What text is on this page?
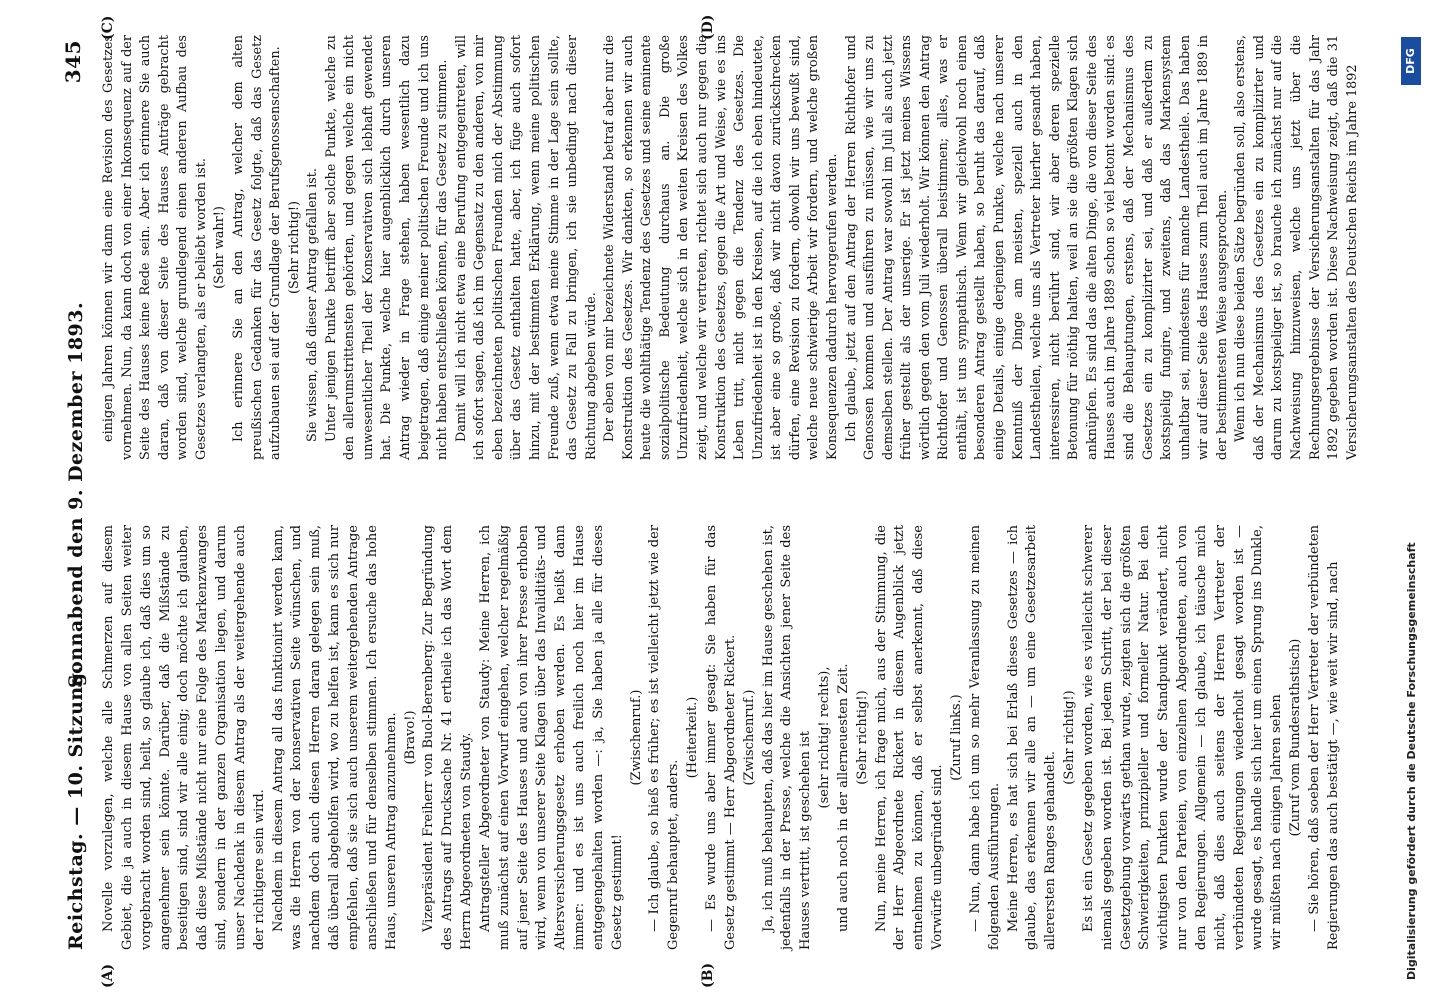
Reichstag. — 10. Sitzung.
Sonnabend den 9. Dezember 1893.
345
(A)	(B)
(C)	(D)

Novelle vorzulegen, welche alle Schmerzen auf diesem Gebiet, die ja auch in diesem Hause von allen Seiten weiter vorgebracht worden sind, heilt, so glaube ich, daß dies um so angenehmer sein könnte. Darüber, daß die Mißstände zu beseitigen sind, sind wir alle einig; doch möchte ich glauben, daß diese Mißstände nicht nur eine Folge des Markenzwanges sind, sondern in der ganzen Organisation liegen, und darum unser Nachdenk in diesem Antrag als der weitergehende auch der richtigere sein wird. Nachdem in diesem Antrag all das funktionirt werden kann, was die Herren von der konservativen Seite wünschen, und nachdem doch auch diesen Herren daran gelegen sein muß, daß überall abgeholfen wird, wo zu helfen ist, kann es sich nur empfehlen, daß sie sich auch unserem weitergehenden Antrage anschließen und für denselben stimmen. Ich ersuche das hohe Haus, unseren Antrag anzunehmen. (Bravo!) Vizepräsident Freiherr von Buol-Berenberg: Zur Begründung des Antrags auf Drucksache Nr. 41 ertheile ich das Wort dem Herrn Abgeordneten von Staudy. Antragsteller Abgeordneter von Staudy: Meine Herren, ich muß zunächst auf einen Vorwurf eingehen, welcher regelmäßig auf jener Seite des Hauses und auch von ihrer Presse erhoben wird, wenn von unserer Seite Klagen über das Invaliditäts- und Altersversicherungsgesetz erhoben werden. Es heißt dann immer: und es ist uns auch freilich noch hier im Hause entgegengehalten worden —: ja, Sie haben ja alle für dieses Gesetz gestimmt!

(Zwischenruf.) — Ich glaube, so hieß es früher; es ist vielleicht jetzt wie der Gegenruf behauptet, anders.

(Heiterkeit.) — Es wurde uns aber immer gesagt: Sie haben für das Gesetz gestimmt — Herr Abgeordneter Rickert. (Zwischenruf.) Ja, ich muß behaupten, daß das hier im Hause geschehen ist, jedenfalls in der Presse, welche die Ansichten jener Seite des Hauses vertritt, ist geschehen ist (sehr richtig! rechts), und auch noch in der allerneuesten Zeit. (Sehr richtig!) Nun, meine Herren, ich frage mich, aus der Stimmung, die der Herr Abgeordnete Rickert in diesem Augenblick jetzt entnehmen zu können, daß er selbst anerkennt, daß diese Vorwürfe unbegründet sind.

(Zuruf links.) — Nun, dann habe ich um so mehr Veranlassung zu meinen folgenden Ausführungen. Meine Herren, es hat sich bei Erlaß dieses Gesetzes — ich glaube, das erkennen wir alle an — um eine Gesetzesarbeit allerersten Ranges gehandelt.

(Sehr richtig!) Es ist ein Gesetz gegeben worden, wie es vielleicht schwerer niemals gegeben worden ist. Bei jedem Schritt, der bei dieser Gesetzgebung vorwärts gethan wurde, zeigten sich die größten Schwierigkeiten, prinzipieller und formeller Natur. Bei den wichtigsten Punkten wurde der Standpunkt verändert, nicht nur von den Parteien, von einzelnen Abgeordneten, auch von den Regierungen. Allgemein — ich glaube, ich täusche mich nicht, daß dies auch seitens der Herren Vertreter der verbündeten Regierungen wiederholt gesagt worden ist — wurde gesagt, es handle sich hier um einen Sprung ins Dunkle, wir müßten nach einigen Jahren sehen (Zuruf vom Bundesrathstisch) — Sie hören, daß soeben der Herr Vertreter der verbündeten Regierungen das auch bestätigt —, wie weit wir sind, nach

einigen Jahren können wir dann eine Revision des Gesetzes vornehmen. Nun, da kann doch von einer Inkonsequenz auf der Seite des Hauses keine Rede sein. Aber ich erinnere Sie auch daran, daß von dieser Seite des Hauses Anträge gebracht worden sind, welche grundlegend einen anderen Aufbau des Gesetzes verlangten, als er beliebt worden ist. (Sehr wahr!) Ich erinnere Sie an den Antrag, welcher dem alten preußischen Gedanken für das Gesetz folgte, daß das Gesetz aufzubauen sei auf der Grundlage der Berufsgenossenschaften. (Sehr richtig!) Sie wissen, daß dieser Antrag gefallen ist. Unter jenigen Punkte betrifft aber solche Punkte, welche zu den allerumstrittensten gehörten, und gegen welche ein nicht unwesentlicher Theil der Konservativen sich lebhaft gewendet hat. Die Punkte, welche hier augenblicklich durch unseren Antrag wieder in Frage stehen, haben wesentlich dazu beigetragen, daß einige meiner politischen Freunde und ich uns nicht haben entschließen können, für das Gesetz zu stimmen. Damit will ich nicht etwa eine Berufung entgegentreten, will ich sofort sagen, daß ich im Gegensatz zu den anderen, von mir eben bezeichneten politischen Freunden mich der Abstimmung über das Gesetz enthalten hatte, aber, ich füge auch sofort hinzu, mit der bestimmten Erklärung, wenn meine politischen Freunde zuß, wenn etwa meine Stimme in der Lage sein sollte, das Gesetz zu Fall zu bringen, ich sie unbedingt nach dieser Richtung abgeben würde. Der eben von mir bezeichnete Widerstand betraf aber nur die Konstruktion des Gesetzes. Wir dankten, so erkennen wir auch heute die wohlthätige Tendenz des Gesetzes und seine eminente sozialpolitische Bedeutung durchaus an. Die große Unzufriedenheit, welche sich in den weiten Kreisen des Volkes zeigt, und welche wir vertreten, richtet sich auch nur gegen die Konstruktion des Gesetzes, gegen die Art und Weise, wie es ins Leben tritt, nicht gegen die Tendenz des Gesetzes. Die Unzufriedenheit ist in den Kreisen, auf die ich eben hindeutete, ist aber eine so große, daß wir nicht davon zurückschrecken dürfen, eine Revision zu fordern, obwohl wir uns bewußt sind, welche neue schwierige Arbeit wir fordern, und welche großen Konsequenzen dadurch hervorgerufen werden. Ich glaube, jetzt auf den Antrag der Herren Richthofer und Genossen kommen und ausführen zu müssen, wie wir uns zu demselben stellen. Der Antrag war sowohl im Juli als auch jetzt früher gestellt als der unserige. Er ist jetzt meines Wissens wörtlich gegen den vom Juli wiederholt. Wir können den Antrag Richthofer und Genossen überall beistimmen; alles, was er enthält, ist uns sympathisch. Wenn wir gleichwohl noch einen besonderen Antrag gestellt haben, so beruht das darauf, daß einige Details, einige derjenigen Punkte, welche nach unserer Kenntniß der Dinge am meisten, speziell auch in den Landestheilen, welche uns als Vertreter hierher gesandt haben, interessiren, nicht berührt sind, wir aber deren spezielle Betonung für nöthig halten, weil an sie die größten Klagen sich anknüpfen. Es sind das die alten Dinge, die von dieser Seite des Hauses auch im Jahre 1889 schon so viel betont worden sind: es sind die Behauptungen, erstens, daß der Mechanismus des Gesetzes ein zu komplizirter sei, und daß er außerdem zu kostspielig fungire, und zweitens, daß das Markensystem unhaltbar sei, mindestens für manche Landestheile. Das haben wir auf dieser Seite des Hauses zum Theil auch im Jahre 1889 in der bestimmtesten Weise ausgesprochen. Wenn ich nun diese beiden Sätze begründen soll, also erstens, daß der Mechanismus des Gesetzes ein zu komplizirter und darum zu kostspieliger ist, so brauche ich zunächst nur auf die Nachweisung hinzuweisen, welche uns jetzt über die Rechnungsergebnisse der Versicherungsanstalten für das Jahr 1892 gegeben worden ist. Diese Nachweisung zeigt, daß die 31 Versicherungsanstalten des Deutschen Reichs im Jahre 1892

Digitalisierung gefördert durch die Deutsche Forschungsgemeinschaft
DFG
